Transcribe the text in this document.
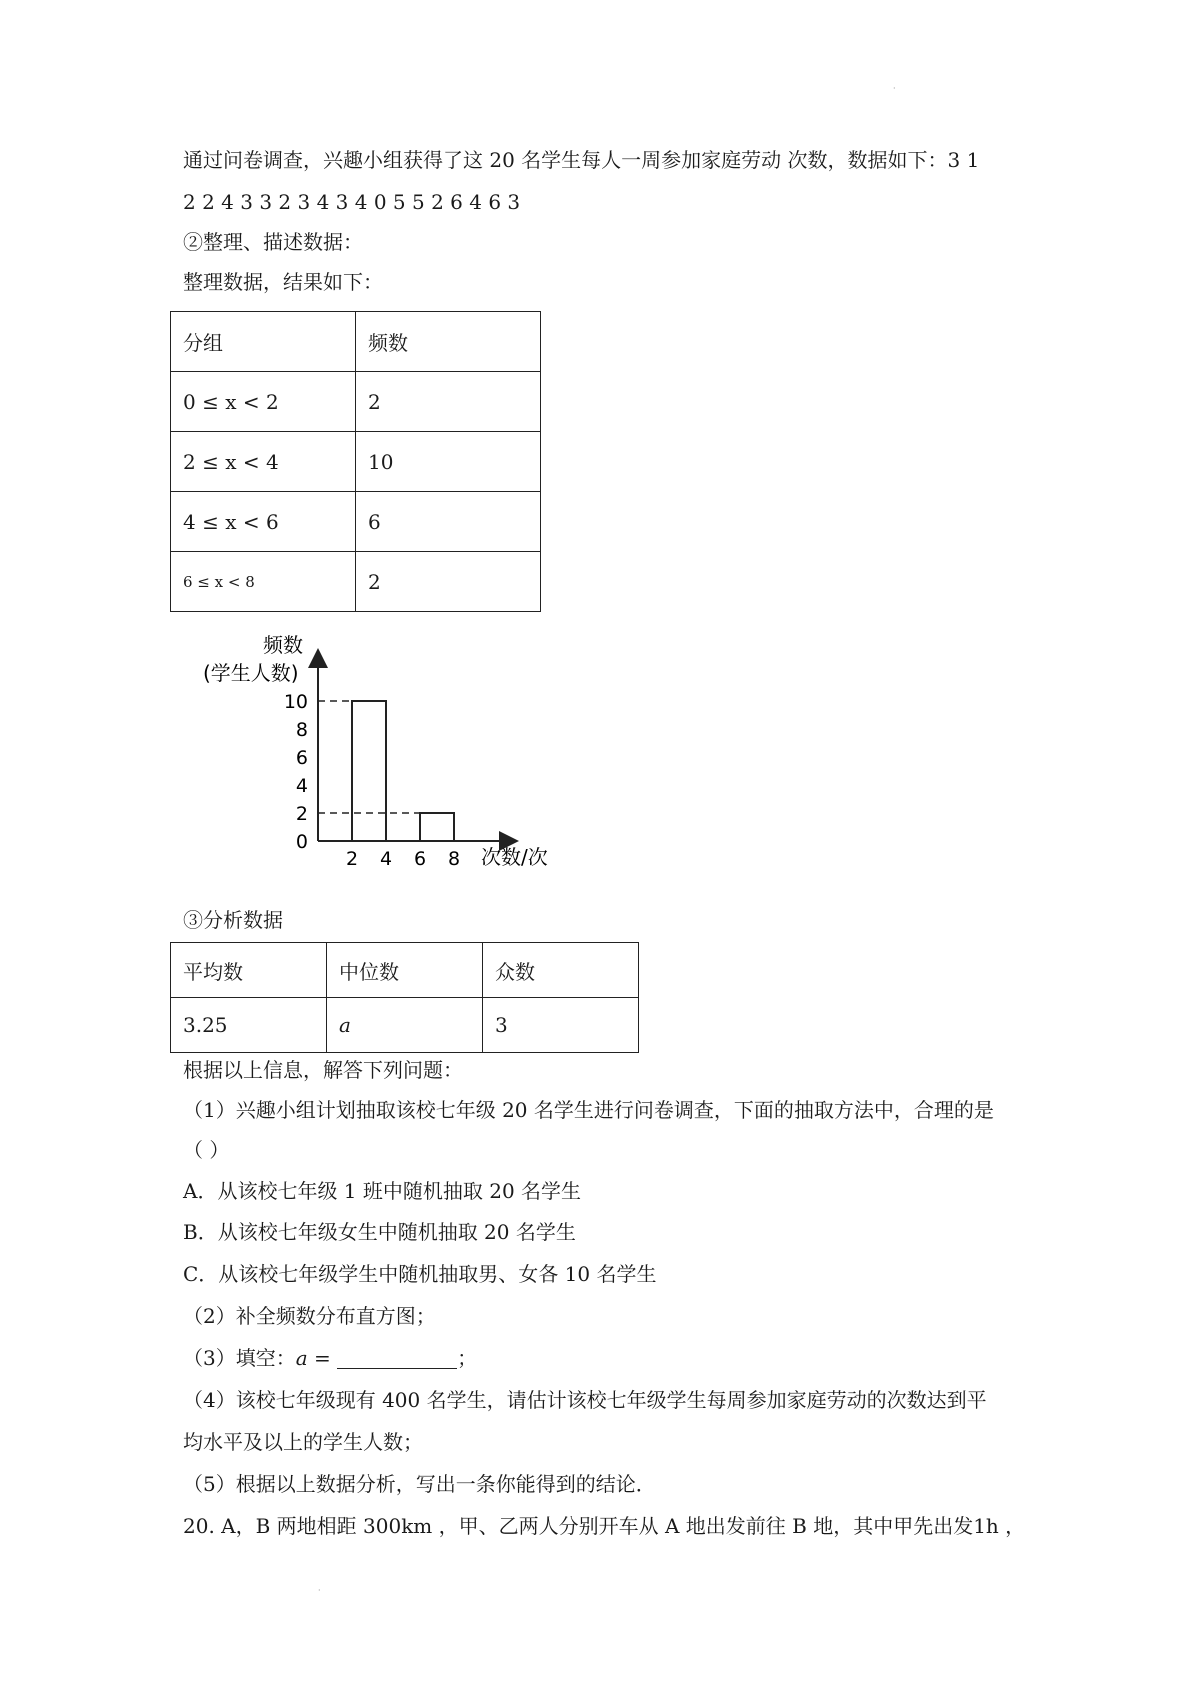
·
通过问卷调查，兴趣小组获得了这 20 名学生每人一周参加家庭劳动 次数，数据如下：3 1
2 2 4 3 3 2 3 4 3 4 0 5 5 2 6 4 6 3
②整理、描述数据：
整理数据，结果如下：
分组	频数
0 ≤ x < 2	2
2 ≤ x < 4	10
4 ≤ x < 6	6
6 ≤ x < 8	2
频数
(学生人数)
次数/次
0
2
4
6
8
10
2 4 6 8
③分析数据
平均数	中位数	众数
3.25	a	3
根据以上信息，解答下列问题：
（1）兴趣小组计划抽取该校七年级 20 名学生进行问卷调查，下面的抽取方法中，合理的是
（ ）
A．从该校七年级 1 班中随机抽取 20 名学生
B．从该校七年级女生中随机抽取 20 名学生
C．从该校七年级学生中随机抽取男、女各 10 名学生
（2）补全频数分布直方图；
（3）填空：a =	；
（4）该校七年级现有 400 名学生，请估计该校七年级学生每周参加家庭劳动的次数达到平
均水平及以上的学生人数；
（5）根据以上数据分析，写出一条你能得到的结论．
20. A，B 两地相距 300km ，甲、乙两人分别开车从 A 地出发前往 B 地，其中甲先出发1h ，
·
